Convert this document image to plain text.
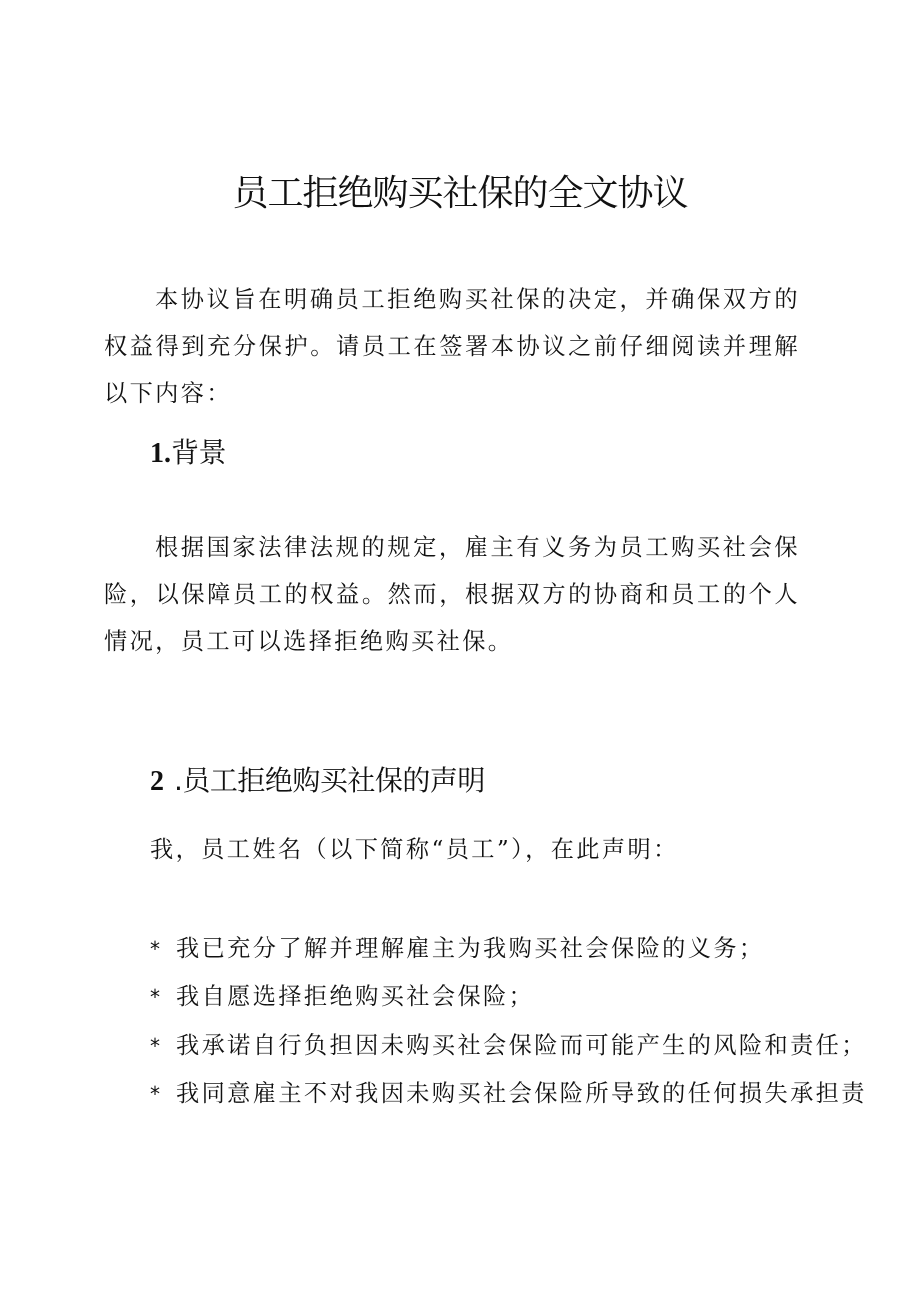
员工拒绝购买社保的全文协议

本协议旨在明确员工拒绝购买社保的决定，并确保双方的权益得到充分保护。请员工在签署本协议之前仔细阅读并理解以下内容：

1.背景

根据国家法律法规的规定，雇主有义务为员工购买社会保险，以保障员工的权益。然而，根据双方的协商和员工的个人情况，员工可以选择拒绝购买社保。

2 .员工拒绝购买社保的声明

我，员工姓名（以下简称“员工”），在此声明：

* 我已充分了解并理解雇主为我购买社会保险的义务；
* 我自愿选择拒绝购买社会保险；
* 我承诺自行负担因未购买社会保险而可能产生的风险和责任；
* 我同意雇主不对我因未购买社会保险所导致的任何损失承担责
